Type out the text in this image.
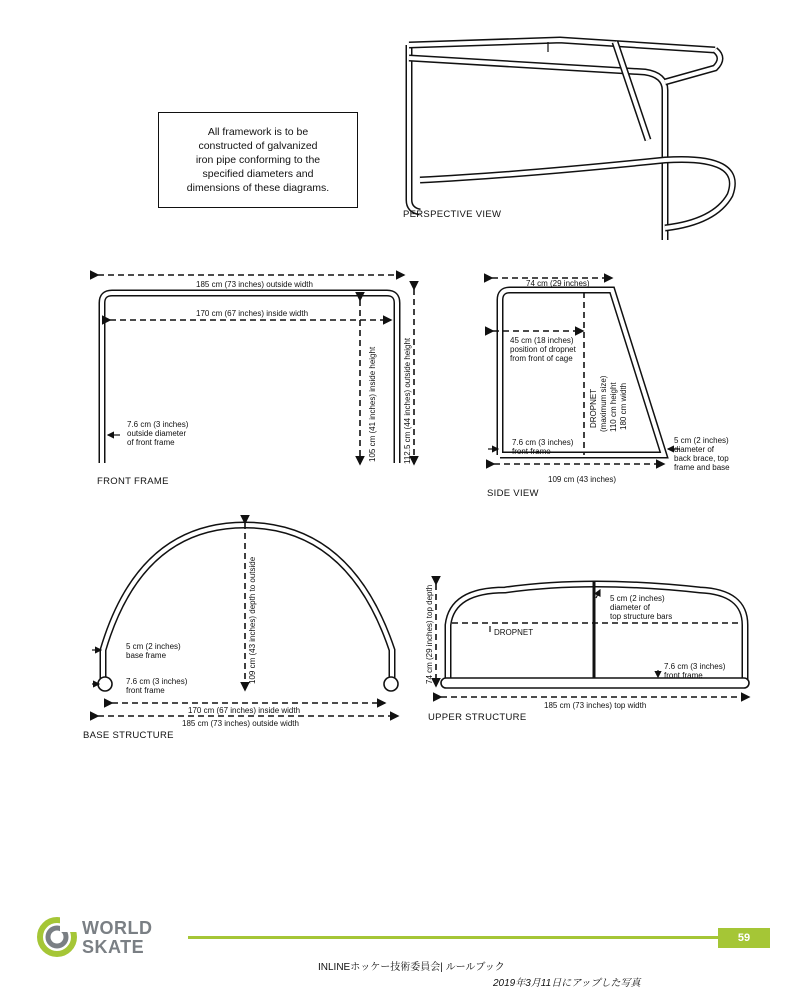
All framework is to be
constructed of galvanized
iron pipe conforming to the
specified diameters and
dimensions of these diagrams.
PERSPECTIVE VIEW
185 cm (73 inches) outside width
170 cm (67 inches) inside width
105 cm (41 inches) inside height	112.5 cm (44 inches) outside height
7.6 cm (3 inches)
outside diameter
of front frame
FRONT FRAME
74 cm (29 inches)
45 cm (18 inches)
position of dropnet
from front of cage
DROPNET (maximum size) 110 cm height 180 cm width
7.6 cm (3 inches)
front frame
5 cm (2 inches)
diameter of
back brace, top
frame and base
109 cm (43 inches)
SIDE VIEW
109 cm (43 inches) depth to outside
5 cm (2 inches)
base frame
7.6 cm (3 inches)
front frame
170 cm (67 inches) inside width
185 cm (73 inches) outside width
BASE STRUCTURE
74 cm (29 inches) top depth	5 cm (2 inches)
diameter of
top structure bars
DROPNET
7.6 cm (3 inches)
front frame
185 cm (73 inches) top width
UPPER STRUCTURE
WORLD
SKATE	59
INLINEホッケー技術委員会| ルールブック
2019年3月11日にアップした写真
